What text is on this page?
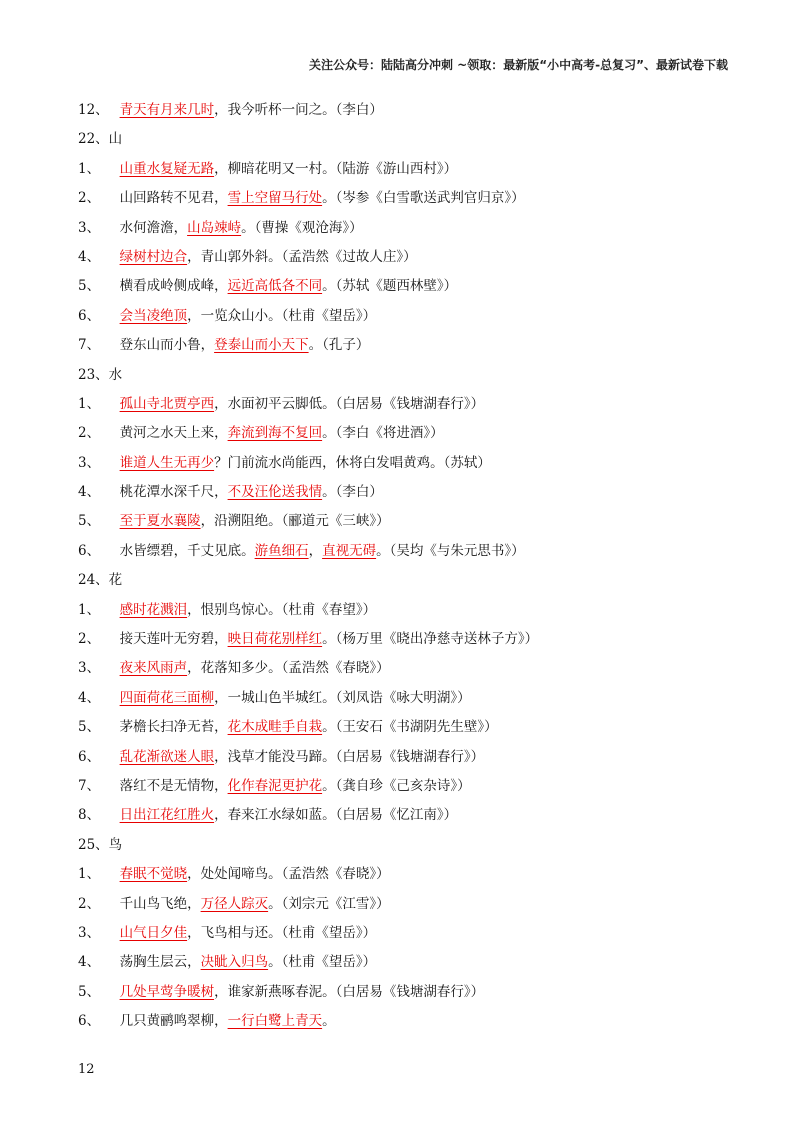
关注公众号：陆陆高分冲刺 ~领取：最新版“小中高考-总复习”、最新试卷下载
12、 青天有月来几时，我今听杯一问之。（李白）
22、山
1、 山重水复疑无路，柳暗花明又一村。（陆游《游山西村》）
2、  山回路转不见君，雪上空留马行处。（岑参《白雪歌送武判官归京》）
3、  水何澹澹，山岛竦峙。（曹操《观沧海》）
4、 绿树村边合，青山郭外斜。（孟浩然《过故人庄》）
5、  横看成岭侧成峰，远近高低各不同。（苏轼《题西林壁》）
6、 会当凌绝顶，一览众山小。（杜甫《望岳》）
7、  登东山而小鲁，登泰山而小天下。（孔子）
23、水
1、 孤山寺北贾亭西，水面初平云脚低。（白居易《钱塘湖春行》）
2、  黄河之水天上来，奔流到海不复回。（李白《将进酒》）
3、 谁道人生无再少？门前流水尚能西，休将白发唱黄鸡。（苏轼）
4、  桃花潭水深千尺，不及汪伦送我情。（李白）
5、 至于夏水襄陵，沿溯阻绝。（郦道元《三峡》）
6、  水皆缥碧，千丈见底。游鱼细石，直视无碍。（吴均《与朱元思书》）
24、花
1、 感时花溅泪，恨别鸟惊心。（杜甫《春望》）
2、  接天莲叶无穷碧，映日荷花别样红。（杨万里《晓出净慈寺送林子方》）
3、 夜来风雨声，花落知多少。（孟浩然《春晓》）
4、 四面荷花三面柳，一城山色半城红。（刘凤诰《咏大明湖》）
5、  茅檐长扫净无苔，花木成畦手自栽。（王安石《书湖阴先生壁》）
6、 乱花渐欲迷人眼，浅草才能没马蹄。（白居易《钱塘湖春行》）
7、  落红不是无情物，化作春泥更护花。（龚自珍《己亥杂诗》）
8、 日出江花红胜火，春来江水绿如蓝。（白居易《忆江南》）
25、鸟
1、 春眠不觉晓，处处闻啼鸟。（孟浩然《春晓》）
2、  千山鸟飞绝，万径人踪灭。（刘宗元《江雪》）
3、 山气日夕佳，飞鸟相与还。（杜甫《望岳》）
4、  荡胸生层云，决眦入归鸟。（杜甫《望岳》）
5、 几处早莺争暖树，谁家新燕啄春泥。（白居易《钱塘湖春行》）
6、  几只黄鹂鸣翠柳，一行白鹭上青天。
12
